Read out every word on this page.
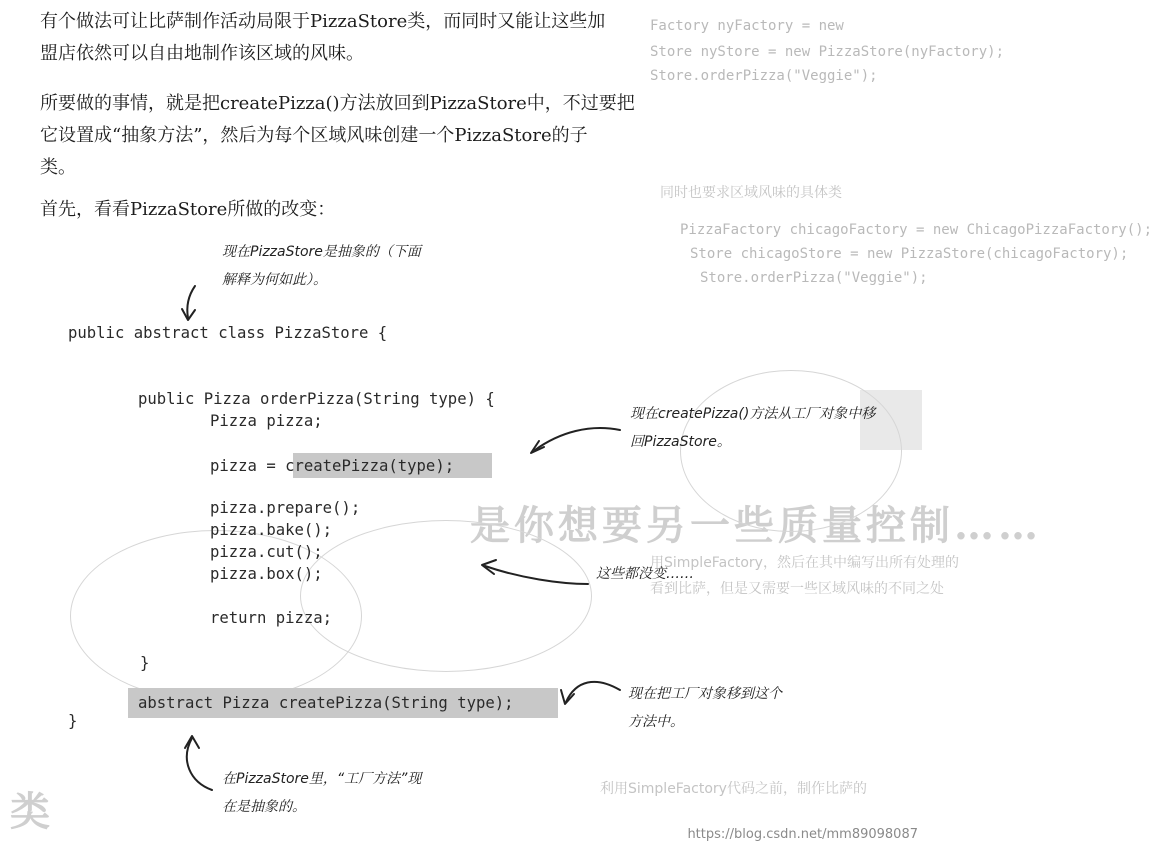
Factory nyFactory = new
Store nyStore = new PizzaStore(nyFactory);
Store.orderPizza("Veggie");
PizzaFactory chicagoFactory = new ChicagoPizzaFactory();
Store chicagoStore = new PizzaStore(chicagoFactory);
Store.orderPizza("Veggie");
同时也要求区域风味的具体类
是你想要另一些质量控制……
用SimpleFactory，然后在其中编写出所有处理的
看到比萨，但是又需要一些区域风味的不同之处
类	利用SimpleFactory代码之前，制作比萨的
有个做法可让比萨制作活动局限于PizzaStore类，而同时又能让这些加
盟店依然可以自由地制作该区域的风味。
所要做的事情，就是把createPizza()方法放回到PizzaStore中，不过要把
它设置成“抽象方法”，然后为每个区域风味创建一个PizzaStore的子
类。
首先，看看PizzaStore所做的改变：
public abstract class PizzaStore {
public Pizza orderPizza(String type) {
Pizza pizza;
pizza = createPizza(type);
pizza.prepare();
pizza.bake();
pizza.cut();
pizza.box();
return pizza;
}
abstract Pizza createPizza(String type);
}
现在PizzaStore是抽象的（下面
解释为何如此）。
现在createPizza()方法从工厂对象中移
回PizzaStore。
这些都没变……
现在把工厂对象移到这个
方法中。
在PizzaStore里，“工厂方法”现
在是抽象的。
https://blog.csdn.net/mm89098087
